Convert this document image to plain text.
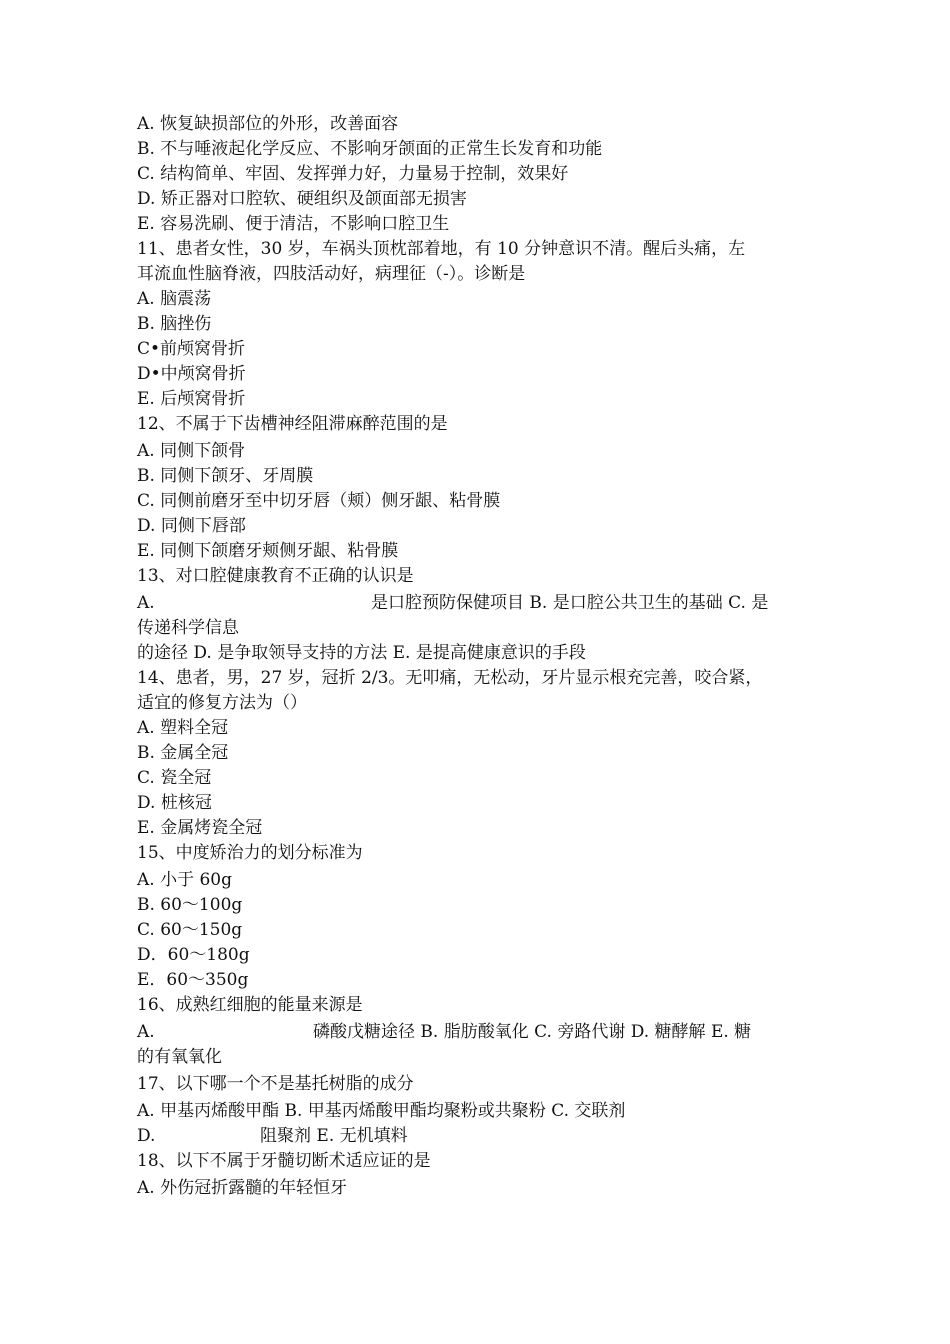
A. 恢复缺损部位的外形，改善面容
B. 不与唾液起化学反应、不影响牙颌面的正常生长发育和功能
C. 结构简单、牢固、发挥弹力好，力量易于控制，效果好
D. 矫正器对口腔软、硬组织及颌面部无损害
E. 容易洗刷、便于清洁，不影响口腔卫生
11、患者女性，30 岁，车祸头顶枕部着地，有 10 分钟意识不清。醒后头痛，左
耳流血性脑脊液，四肢活动好，病理征（-）。诊断是
A. 脑震荡
B. 脑挫伤
C•前颅窝骨折
D•中颅窝骨折
E. 后颅窝骨折
12、不属于下齿槽神经阻滞麻醉范围的是
A. 同侧下颌骨
B. 同侧下颌牙、牙周膜
C. 同侧前磨牙至中切牙唇（颊）侧牙龈、粘骨膜
D. 同侧下唇部
E. 同侧下颌磨牙颊侧牙龈、粘骨膜
13、对口腔健康教育不正确的认识是
A.	是口腔预防保健项目 B. 是口腔公共卫生的基础 C. 是
传递科学信息
的途径 D. 是争取领导支持的方法 E. 是提高健康意识的手段
14、患者，男，27 岁，冠折 2/3。无叩痛，无松动，牙片显示根充完善，咬合紧，
适宜的修复方法为（）
A. 塑料全冠
B. 金属全冠
C. 瓷全冠
D. 桩核冠
E. 金属烤瓷全冠
15、中度矫治力的划分标准为
A. 小于 60g
B. 60〜100g
C. 60〜150g
D．60〜180g
E．60〜350g
16、成熟红细胞的能量来源是
A.	磷酸戊糖途径 B. 脂肪酸氧化 C. 旁路代谢 D. 糖酵解 E. 糖
的有氧氧化
17、以下哪一个不是基托树脂的成分
A. 甲基丙烯酸甲酯 B. 甲基丙烯酸甲酯均聚粉或共聚粉 C. 交联剂
D.	阻聚剂 E. 无机填料
18、以下不属于牙髓切断术适应证的是
A. 外伤冠折露髓的年轻恒牙
